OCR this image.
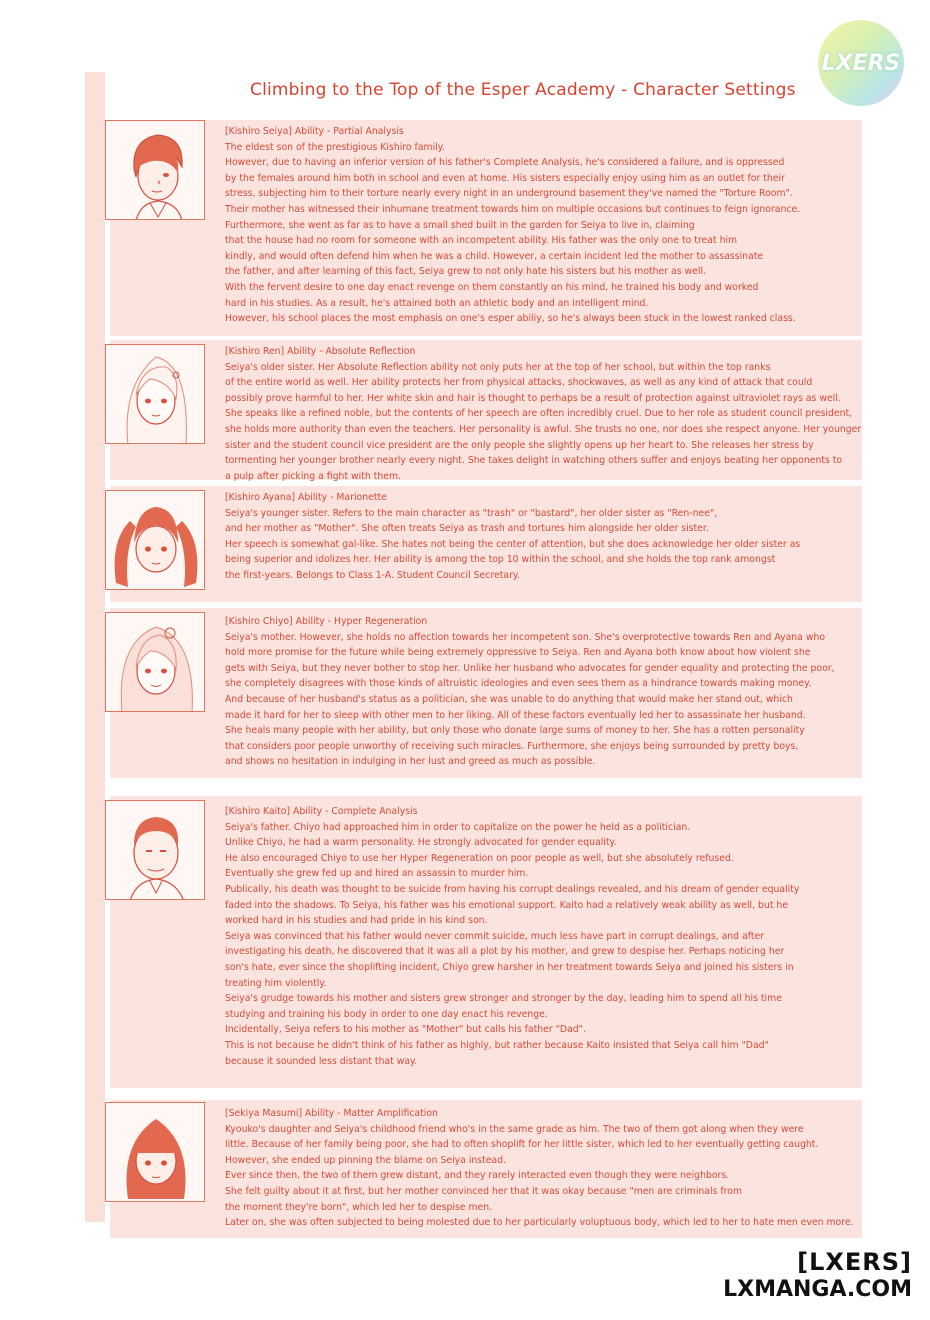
LXERS
Climbing to the Top of the Esper Academy - Character Settings
[Kishiro Seiya] Ability - Partial Analysis
The eldest son of the prestigious Kishiro family.
However, due to having an inferior version of his father's Complete Analysis, he's considered a failure, and is oppressed
by the females around him both in school and even at home. His sisters especially enjoy using him as an outlet for their
stress, subjecting him to their torture nearly every night in an underground basement they've named the "Torture Room".
Their mother has witnessed their inhumane treatment towards him on multiple occasions but continues to feign ignorance.
Furthermore, she went as far as to have a small shed built in the garden for Seiya to live in, claiming
that the house had no room for someone with an incompetent ability. His father was the only one to treat him
kindly, and would often defend him when he was a child. However, a certain incident led the mother to assassinate
the father, and after learning of this fact, Seiya grew to not only hate his sisters but his mother as well.
With the fervent desire to one day enact revenge on them constantly on his mind, he trained his body and worked
hard in his studies. As a result, he's attained both an athletic body and an intelligent mind.
However, his school places the most emphasis on one's esper abiliy, so he's always been stuck in the lowest ranked class.
[Kishiro Ren] Ability - Absolute Reflection
Seiya's older sister. Her Absolute Reflection ability not only puts her at the top of her school, but within the top ranks
of the entire world as well. Her ability protects her from physical attacks, shockwaves, as well as any kind of attack that could
possibly prove harmful to her. Her white skin and hair is thought to perhaps be a result of protection against ultraviolet rays as well.
She speaks like a refined noble, but the contents of her speech are often incredibly cruel. Due to her role as student council president,
she holds more authority than even the teachers. Her personality is awful. She trusts no one, nor does she respect anyone. Her younger
sister and the student council vice president are the only people she slightly opens up her heart to. She releases her stress by
tormenting her younger brother nearly every night. She takes delight in watching others suffer and enjoys beating her opponents to
a pulp after picking a fight with them.
[Kishiro Ayana] Ability - Marionette
Seiya's younger sister. Refers to the main character as "trash" or "bastard", her older sister as "Ren-nee",
and her mother as "Mother". She often treats Seiya as trash and tortures him alongside her older sister.
Her speech is somewhat gal-like. She hates not being the center of attention, but she does acknowledge her older sister as
being superior and idolizes her. Her ability is among the top 10 within the school, and she holds the top rank amongst
the first-years. Belongs to Class 1-A. Student Council Secretary.
[Kishiro Chiyo] Ability - Hyper Regeneration
Seiya's mother. However, she holds no affection towards her incompetent son. She's overprotective towards Ren and Ayana who
hold more promise for the future while being extremely oppressive to Seiya. Ren and Ayana both know about how violent she
gets with Seiya, but they never bother to stop her. Unlike her husband who advocates for gender equality and protecting the poor,
she completely disagrees with those kinds of altruistic ideologies and even sees them as a hindrance towards making money.
And because of her husband's status as a politician, she was unable to do anything that would make her stand out, which
made it hard for her to sleep with other men to her liking. All of these factors eventually led her to assassinate her husband.
She heals many people with her ability, but only those who donate large sums of money to her. She has a rotten personality
that considers poor people unworthy of receiving such miracles. Furthermore, she enjoys being surrounded by pretty boys,
and shows no hesitation in indulging in her lust and greed as much as possible.
[Kishiro Kaito] Ability - Complete Analysis
Seiya's father. Chiyo had approached him in order to capitalize on the power he held as a politician.
Unlike Chiyo, he had a warm personality. He strongly advocated for gender equality.
He also encouraged Chiyo to use her Hyper Regeneration on poor people as well, but she absolutely refused.
Eventually she grew fed up and hired an assassin to murder him.
Publically, his death was thought to be suicide from having his corrupt dealings revealed, and his dream of gender equality
faded into the shadows. To Seiya, his father was his emotional support. Kaito had a relatively weak ability as well, but he
worked hard in his studies and had pride in his kind son.
Seiya was convinced that his father would never commit suicide, much less have part in corrupt dealings, and after
investigating his death, he discovered that it was all a plot by his mother, and grew to despise her. Perhaps noticing her
son's hate, ever since the shoplifting incident, Chiyo grew harsher in her treatment towards Seiya and joined his sisters in
treating him violently.
Seiya's grudge towards his mother and sisters grew stronger and stronger by the day, leading him to spend all his time
studying and training his body in order to one day enact his revenge.
Incidentally, Seiya refers to his mother as "Mother" but calls his father "Dad".
This is not because he didn't think of his father as highly, but rather because Kaito insisted that Seiya call him "Dad"
because it sounded less distant that way.
[Sekiya Masumi] Ability - Matter Amplification
Kyouko's daughter and Seiya's childhood friend who's in the same grade as him. The two of them got along when they were
little. Because of her family being poor, she had to often shoplift for her little sister, which led to her eventually getting caught.
However, she ended up pinning the blame on Seiya instead.
Ever since then, the two of them grew distant, and they rarely interacted even though they were neighbors.
She felt guilty about it at first, but her mother convinced her that it was okay because "men are criminals from
the moment they're born", which led her to despise men.
Later on, she was often subjected to being molested due to her particularly voluptuous body, which led to her to hate men even more.
[LXERS]
LXMANGA.COM
